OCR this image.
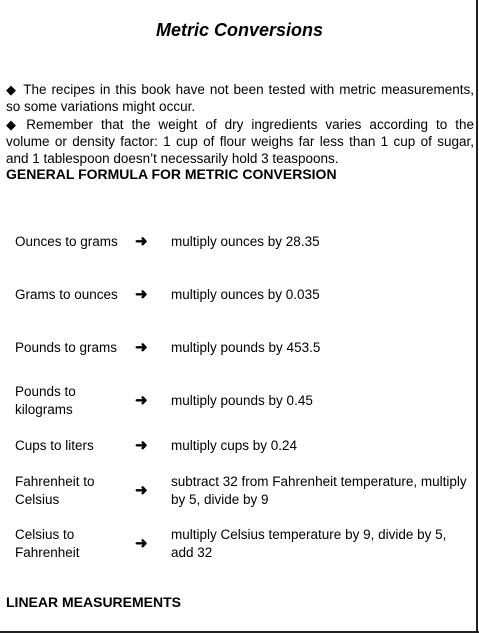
Metric Conversions
◆ The recipes in this book have not been tested with metric measurements, so some variations might occur.
◆ Remember that the weight of dry ingredients varies according to the volume or density factor: 1 cup of flour weighs far less than 1 cup of sugar, and 1 tablespoon doesn’t necessarily hold 3 teaspoons.
GENERAL FORMULA FOR METRIC CONVERSION
Ounces to grams	➜	multiply ounces by 28.35
Grams to ounces	➜	multiply ounces by 0.035
Pounds to grams	➜	multiply pounds by 453.5
Pounds to kilograms	➜	multiply pounds by 0.45
Cups to liters	➜	multiply cups by 0.24
Fahrenheit to Celsius	➜	subtract 32 from Fahrenheit temperature, multiply by 5, divide by 9
Celsius to Fahrenheit	➜	multiply Celsius temperature by 9, divide by 5, add 32
LINEAR MEASUREMENTS
